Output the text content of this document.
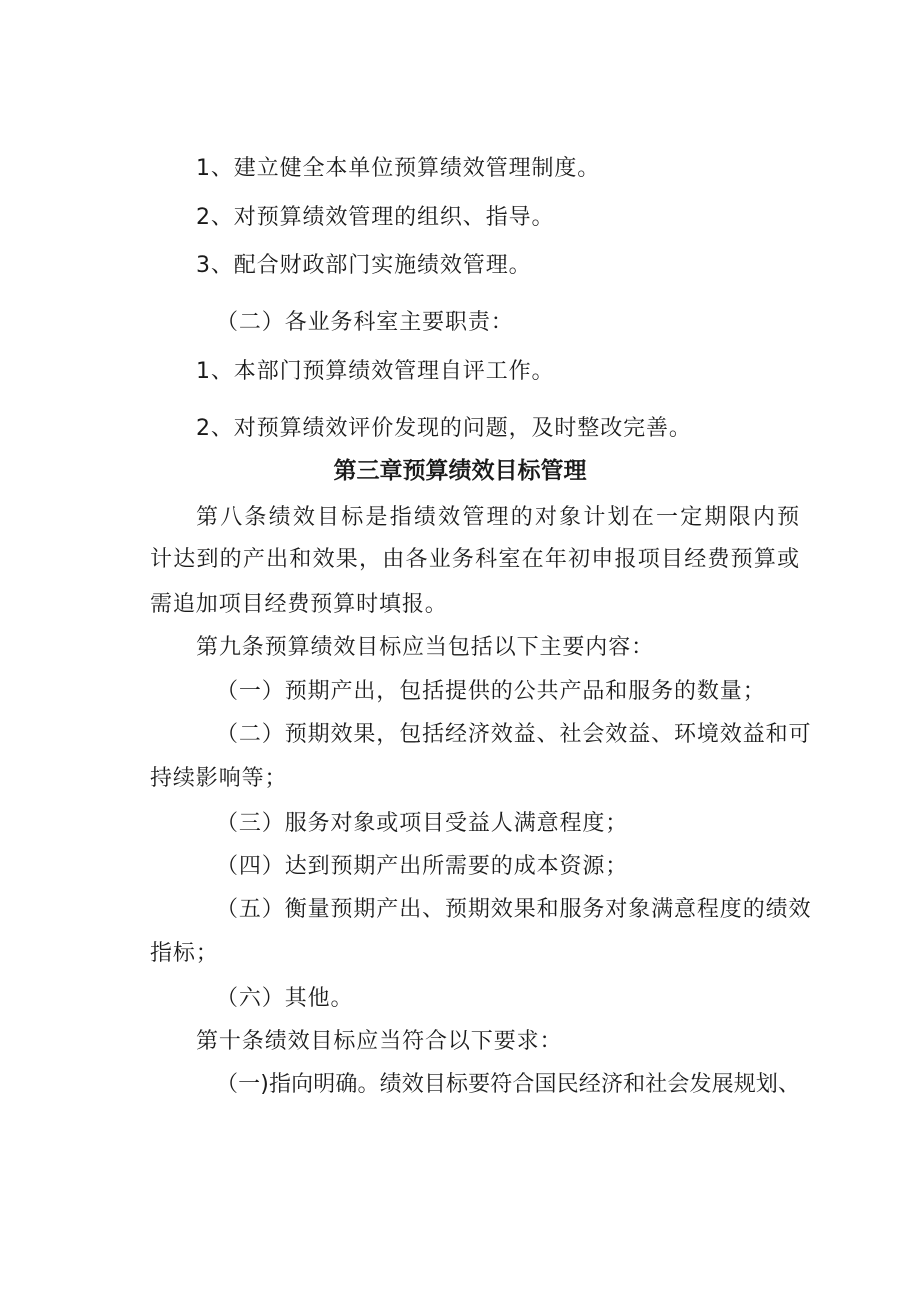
1、建立健全本单位预算绩效管理制度。
2、对预算绩效管理的组织、指导。
3、配合财政部门实施绩效管理。
（二）各业务科室主要职责：
1、本部门预算绩效管理自评工作。
2、对预算绩效评价发现的问题，及时整改完善。
第三章预算绩效目标管理
第八条绩效目标是指绩效管理的对象计划在一定期限内预
计达到的产出和效果，由各业务科室在年初申报项目经费预算或
需追加项目经费预算时填报。
第九条预算绩效目标应当包括以下主要内容：
（一）预期产出，包括提供的公共产品和服务的数量；
（二）预期效果，包括经济效益、社会效益、环境效益和可
持续影响等；
（三）服务对象或项目受益人满意程度；
（四）达到预期产出所需要的成本资源；
（五）衡量预期产出、预期效果和服务对象满意程度的绩效
指标；
（六）其他。
第十条绩效目标应当符合以下要求：
（一)指向明确。绩效目标要符合国民经济和社会发展规划、
